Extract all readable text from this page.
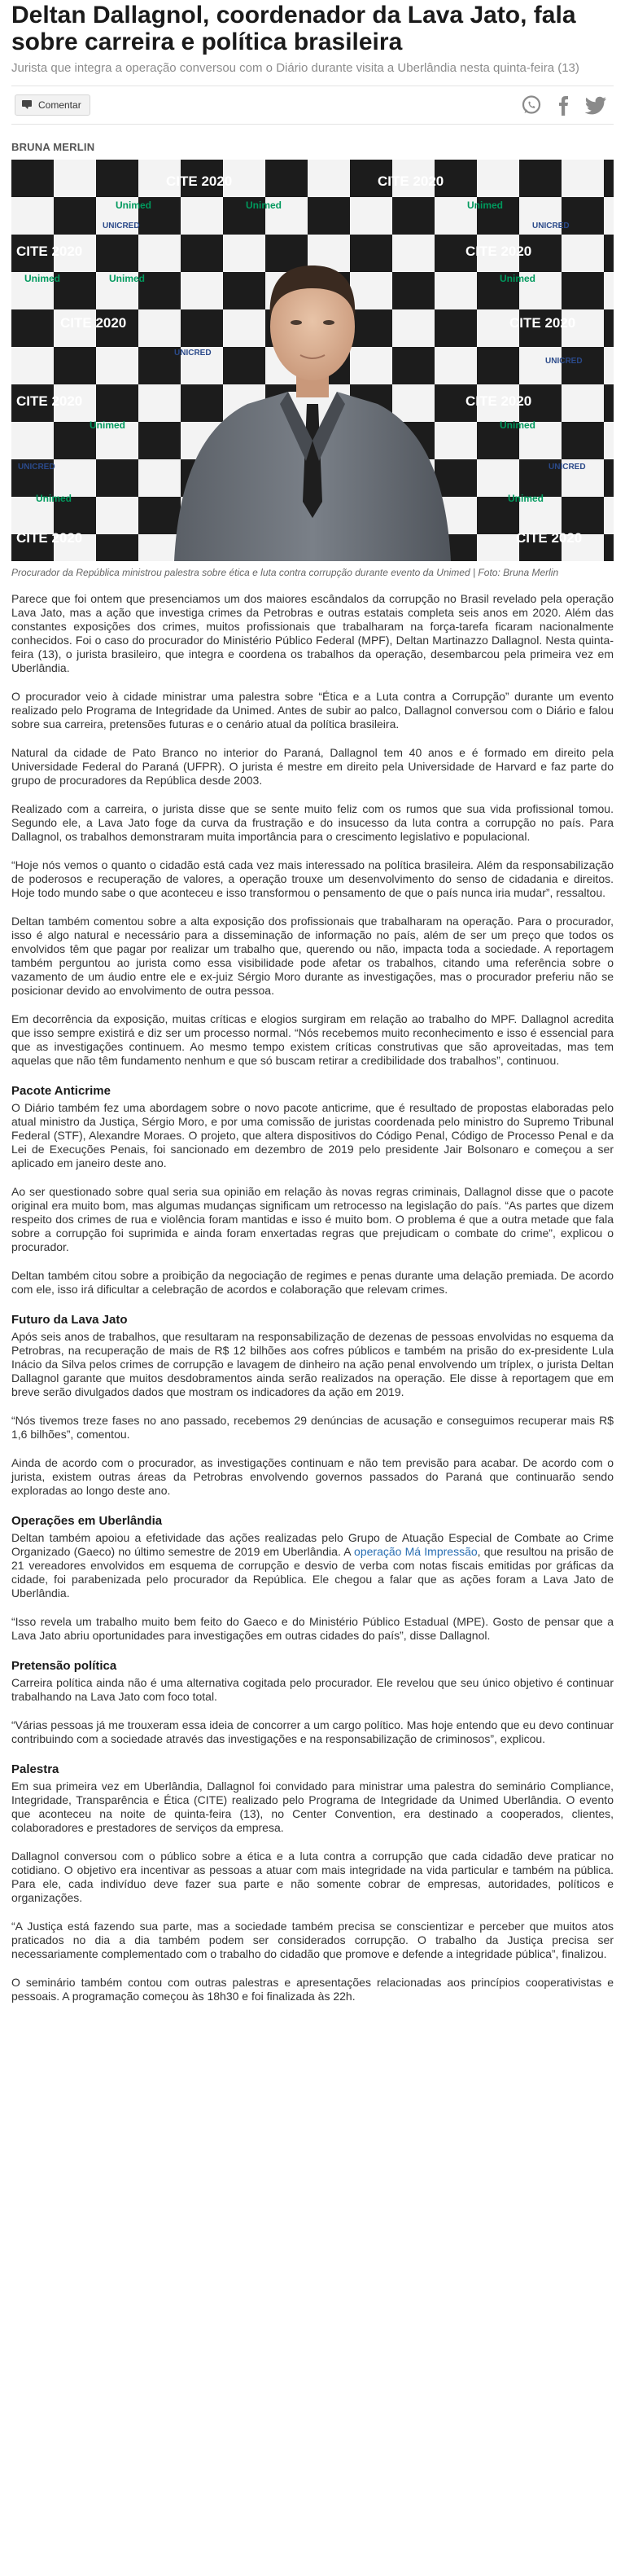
Deltan Dallagnol, coordenador da Lava Jato, fala sobre carreira e política brasileira
Jurista que integra a operação conversou com o Diário durante visita a Uberlândia nesta quinta-feira (13)
Comentar
BRUNA MERLIN
CITE 2020	CITE 2020
CITE 2020	CITE 2020
CITE 2020	CITE 2020
CITE 2020	CITE 2020
CITE 2020	CITE 2020
Unimed
Unimed	Unimed
Unimed	Unimed	Unimed
Unimed	Unimed
Unimed	Unimed
UNICRED	UNICRED
UNICRED
UNICRED
UNICRED	UNICRED
Procurador da República ministrou palestra sobre ética e luta contra corrupção durante evento da Unimed | Foto: Bruna Merlin

Parece que foi ontem que presenciamos um dos maiores escândalos da corrupção no Brasil revelado pela operação Lava Jato, mas a ação que investiga crimes da Petrobras e outras estatais completa seis anos em 2020. Além das constantes exposições dos crimes, muitos profissionais que trabalharam na força-tarefa ficaram nacionalmente conhecidos. Foi o caso do procurador do Ministério Público Federal (MPF), Deltan Martinazzo Dallagnol. Nesta quinta-feira (13), o jurista brasileiro, que integra e coordena os trabalhos da operação, desembarcou pela primeira vez em Uberlândia.

O procurador veio à cidade ministrar uma palestra sobre “Ética e a Luta contra a Corrupção” durante um evento realizado pelo Programa de Integridade da Unimed. Antes de subir ao palco, Dallagnol conversou com o Diário e falou sobre sua carreira, pretensões futuras e o cenário atual da política brasileira.

Natural da cidade de Pato Branco no interior do Paraná, Dallagnol tem 40 anos e é formado em direito pela Universidade Federal do Paraná (UFPR). O jurista é mestre em direito pela Universidade de Harvard e faz parte do grupo de procuradores da República desde 2003.

Realizado com a carreira, o jurista disse que se sente muito feliz com os rumos que sua vida profissional tomou. Segundo ele, a Lava Jato foge da curva da frustração e do insucesso da luta contra a corrupção no país. Para Dallagnol, os trabalhos demonstraram muita importância para o crescimento legislativo e populacional.

“Hoje nós vemos o quanto o cidadão está cada vez mais interessado na política brasileira. Além da responsabilização de poderosos e recuperação de valores, a operação trouxe um desenvolvimento do senso de cidadania e direitos. Hoje todo mundo sabe o que aconteceu e isso transformou o pensamento de que o país nunca iria mudar”, ressaltou.

Deltan também comentou sobre a alta exposição dos profissionais que trabalharam na operação. Para o procurador, isso é algo natural e necessário para a disseminação de informação no país, além de ser um preço que todos os envolvidos têm que pagar por realizar um trabalho que, querendo ou não, impacta toda a sociedade. A reportagem também perguntou ao jurista como essa visibilidade pode afetar os trabalhos, citando uma referência sobre o vazamento de um áudio entre ele e ex-juiz Sérgio Moro durante as investigações, mas o procurador preferiu não se posicionar devido ao envolvimento de outra pessoa.

Em decorrência da exposição, muitas críticas e elogios surgiram em relação ao trabalho do MPF. Dallagnol acredita que isso sempre existirá e diz ser um processo normal. “Nós recebemos muito reconhecimento e isso é essencial para que as investigações continuem. Ao mesmo tempo existem críticas construtivas que são aproveitadas, mas tem aquelas que não têm fundamento nenhum e que só buscam retirar a credibilidade dos trabalhos”, continuou.

Pacote Anticrime

O Diário também fez uma abordagem sobre o novo pacote anticrime, que é resultado de propostas elaboradas pelo atual ministro da Justiça, Sérgio Moro, e por uma comissão de juristas coordenada pelo ministro do Supremo Tribunal Federal (STF), Alexandre Moraes. O projeto, que altera dispositivos do Código Penal, Código de Processo Penal e da Lei de Execuções Penais, foi sancionado em dezembro de 2019 pelo presidente Jair Bolsonaro e começou a ser aplicado em janeiro deste ano.

Ao ser questionado sobre qual seria sua opinião em relação às novas regras criminais, Dallagnol disse que o pacote original era muito bom, mas algumas mudanças significam um retrocesso na legislação do país. “As partes que dizem respeito dos crimes de rua e violência foram mantidas e isso é muito bom. O problema é que a outra metade que fala sobre a corrupção foi suprimida e ainda foram enxertadas regras que prejudicam o combate do crime”, explicou o procurador.

Deltan também citou sobre a proibição da negociação de regimes e penas durante uma delação premiada. De acordo com ele, isso irá dificultar a celebração de acordos e colaboração que relevam crimes.

Futuro da Lava Jato

Após seis anos de trabalhos, que resultaram na responsabilização de dezenas de pessoas envolvidas no esquema da Petrobras, na recuperação de mais de R$ 12 bilhões aos cofres públicos e também na prisão do ex-presidente Lula Inácio da Silva pelos crimes de corrupção e lavagem de dinheiro na ação penal envolvendo um tríplex, o jurista Deltan Dallagnol garante que muitos desdobramentos ainda serão realizados na operação. Ele disse à reportagem que em breve serão divulgados dados que mostram os indicadores da ação em 2019.

“Nós tivemos treze fases no ano passado, recebemos 29 denúncias de acusação e conseguimos recuperar mais R$ 1,6 bilhões”, comentou.

Ainda de acordo com o procurador, as investigações continuam e não tem previsão para acabar. De acordo com o jurista, existem outras áreas da Petrobras envolvendo governos passados do Paraná que continuarão sendo exploradas ao longo deste ano.

Operações em Uberlândia

Deltan também apoiou a efetividade das ações realizadas pelo Grupo de Atuação Especial de Combate ao Crime Organizado (Gaeco) no último semestre de 2019 em Uberlândia. A operação Má Impressão, que resultou na prisão de 21 vereadores envolvidos em esquema de corrupção e desvio de verba com notas fiscais emitidas por gráficas da cidade, foi parabenizada pelo procurador da República. Ele chegou a falar que as ações foram a Lava Jato de Uberlândia.

“Isso revela um trabalho muito bem feito do Gaeco e do Ministério Público Estadual (MPE). Gosto de pensar que a Lava Jato abriu oportunidades para investigações em outras cidades do país”, disse Dallagnol.

Pretensão política

Carreira política ainda não é uma alternativa cogitada pelo procurador. Ele revelou que seu único objetivo é continuar trabalhando na Lava Jato com foco total.

“Várias pessoas já me trouxeram essa ideia de concorrer a um cargo político. Mas hoje entendo que eu devo continuar contribuindo com a sociedade através das investigações e na responsabilização de criminosos”, explicou.

Palestra

Em sua primeira vez em Uberlândia, Dallagnol foi convidado para ministrar uma palestra do seminário Compliance, Integridade, Transparência e Ética (CITE) realizado pelo Programa de Integridade da Unimed Uberlândia. O evento que aconteceu na noite de quinta-feira (13), no Center Convention, era destinado a cooperados, clientes, colaboradores e prestadores de serviços da empresa.

Dallagnol conversou com o público sobre a ética e a luta contra a corrupção que cada cidadão deve praticar no cotidiano. O objetivo era incentivar as pessoas a atuar com mais integridade na vida particular e também na pública. Para ele, cada indivíduo deve fazer sua parte e não somente cobrar de empresas, autoridades, políticos e organizações.

“A Justiça está fazendo sua parte, mas a sociedade também precisa se conscientizar e perceber que muitos atos praticados no dia a dia também podem ser considerados corrupção. O trabalho da Justiça precisa ser necessariamente complementado com o trabalho do cidadão que promove e defende a integridade pública”, finalizou.

O seminário também contou com outras palestras e apresentações relacionadas aos princípios cooperativistas e pessoais. A programação começou às 18h30 e foi finalizada às 22h.
